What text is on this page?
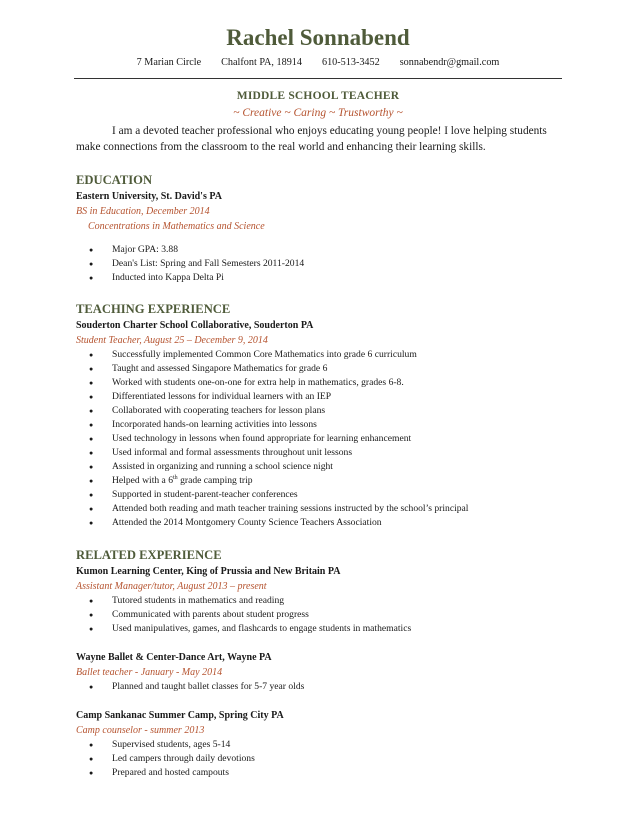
Rachel Sonnabend
7 Marian Circle Chalfont PA, 18914 610-513-3452 sonnabendr@gmail.com
MIDDLE SCHOOL TEACHER
~ Creative ~ Caring ~ Trustworthy ~
I am a devoted teacher professional who enjoys educating young people! I love helping students make connections from the classroom to the real world and enhancing their learning skills.
EDUCATION
Eastern University, St. David's PA
BS in Education, December 2014
Concentrations in Mathematics and Science
● Major GPA: 3.88
● Dean's List: Spring and Fall Semesters 2011-2014
● Inducted into Kappa Delta Pi
TEACHING EXPERIENCE
Souderton Charter School Collaborative, Souderton PA
Student Teacher, August 25 – December 9, 2014
● Successfully implemented Common Core Mathematics into grade 6 curriculum
● Taught and assessed Singapore Mathematics for grade 6
● Worked with students one-on-one for extra help in mathematics, grades 6-8.
● Differentiated lessons for individual learners with an IEP
● Collaborated with cooperating teachers for lesson plans
● Incorporated hands-on learning activities into lessons
● Used technology in lessons when found appropriate for learning enhancement
● Used informal and formal assessments throughout unit lessons
● Assisted in organizing and running a school science night
● Helped with a 6th grade camping trip
● Supported in student-parent-teacher conferences
● Attended both reading and math teacher training sessions instructed by the school’s principal
● Attended the 2014 Montgomery County Science Teachers Association
RELATED EXPERIENCE
Kumon Learning Center, King of Prussia and New Britain PA
Assistant Manager/tutor, August 2013 – present
● Tutored students in mathematics and reading
● Communicated with parents about student progress
● Used manipulatives, games, and flashcards to engage students in mathematics
Wayne Ballet & Center-Dance Art, Wayne PA
Ballet teacher - January - May 2014
● Planned and taught ballet classes for 5-7 year olds
Camp Sankanac Summer Camp, Spring City PA
Camp counselor - summer 2013
● Supervised students, ages 5-14
● Led campers through daily devotions
● Prepared and hosted campouts
